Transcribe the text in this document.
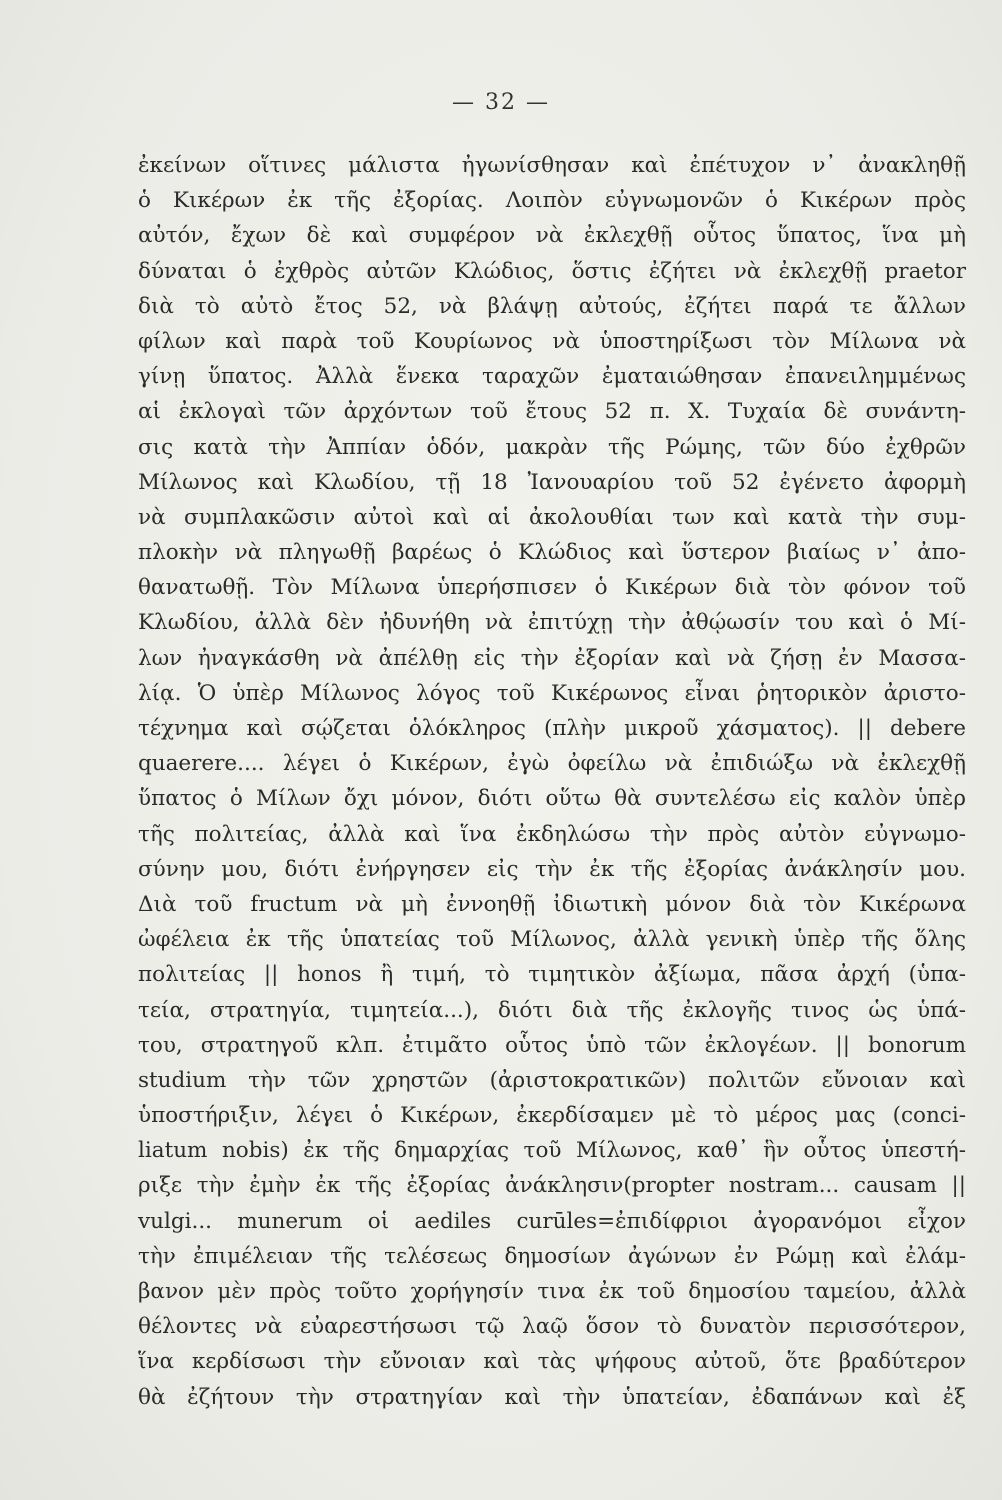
— 32 —
ἐκείνων οἵτινες μάλιστα ἠγωνίσθησαν καὶ ἐπέτυχον ν᾽ ἀνακληθῇ
ὁ Κικέρων ἐκ τῆς ἐξορίας. Λοιπὸν εὐγνωμονῶν ὁ Κικέρων πρὸς
αὐτόν, ἔχων δὲ καὶ συμφέρον νὰ ἐκλεχθῇ οὗτος ὕπατος, ἵνα μὴ
δύναται ὁ ἐχθρὸς αὐτῶν Κλώδιος, ὅστις ἐζήτει νὰ ἐκλεχθῇ praetor
διὰ τὸ αὐτὸ ἔτος 52, νὰ βλάψῃ αὐτούς, ἐζήτει παρά τε ἄλλων
φίλων καὶ παρὰ τοῦ Κουρίωνος νὰ ὑποστηρίξωσι τὸν Μίλωνα νὰ
γίνῃ ὕπατος. Ἀλλὰ ἕνεκα ταραχῶν ἐματαιώθησαν ἐπανειλημμένως
αἱ ἐκλογαὶ τῶν ἀρχόντων τοῦ ἔτους 52 π. Χ. Τυχαία δὲ συνάντη-
σις κατὰ τὴν Ἀππίαν ὁδόν, μακρὰν τῆς Ρώμης, τῶν δύο ἐχθρῶν
Μίλωνος καὶ Κλωδίου, τῇ 18 Ἰανουαρίου τοῦ 52 ἐγένετο ἀφορμὴ
νὰ συμπλακῶσιν αὐτοὶ καὶ αἱ ἀκολουθίαι των καὶ κατὰ τὴν συμ-
πλοκὴν νὰ πληγωθῇ βαρέως ὁ Κλώδιος καὶ ὕστερον βιαίως ν᾽ ἀπο-
θανατωθῇ. Τὸν Μίλωνα ὑπερήσπισεν ὁ Κικέρων διὰ τὸν φόνον τοῦ
Κλωδίου, ἀλλὰ δὲν ἠδυνήθη νὰ ἐπιτύχῃ τὴν ἀθῴωσίν του καὶ ὁ Μί-
λων ἠναγκάσθη νὰ ἀπέλθῃ εἰς τὴν ἐξορίαν καὶ νὰ ζήσῃ ἐν Μασσα-
λίᾳ. Ὁ ὑπὲρ Μίλωνος λόγος τοῦ Κικέρωνος εἶναι ῥητορικὸν ἀριστο-
τέχνημα καὶ σῴζεται ὁλόκληρος (πλὴν μικροῦ χάσματος). || debere
quaerere.... λέγει ὁ Κικέρων, ἐγὼ ὀφείλω νὰ ἐπιδιώξω νὰ ἐκλεχθῇ
ὕπατος ὁ Μίλων ὄχι μόνον, διότι οὕτω θὰ συντελέσω εἰς καλὸν ὑπὲρ
τῆς πολιτείας, ἀλλὰ καὶ ἵνα ἐκδηλώσω τὴν πρὸς αὐτὸν εὐγνωμο-
σύνην μου, διότι ἐνήργησεν εἰς τὴν ἐκ τῆς ἐξορίας ἀνάκλησίν μου.
Διὰ τοῦ fructum νὰ μὴ ἐννοηθῇ ἰδιωτικὴ μόνον διὰ τὸν Κικέρωνα
ὠφέλεια ἐκ τῆς ὑπατείας τοῦ Μίλωνος, ἀλλὰ γενικὴ ὑπὲρ τῆς ὅλης
πολιτείας || honos ἢ τιμή, τὸ τιμητικὸν ἀξίωμα, πᾶσα ἀρχή (ὑπα-
τεία, στρατηγία, τιμητεία...), διότι διὰ τῆς ἐκλογῆς τινος ὡς ὑπά-
του, στρατηγοῦ κλπ. ἐτιμᾶτο οὗτος ὑπὸ τῶν ἐκλογέων. || bonorum
studium τὴν τῶν χρηστῶν (ἀριστοκρατικῶν) πολιτῶν εὔνοιαν καὶ
ὑποστήριξιν, λέγει ὁ Κικέρων, ἐκερδίσαμεν μὲ τὸ μέρος μας (conci-
liatum nobis) ἐκ τῆς δημαρχίας τοῦ Μίλωνος, καθ᾽ ἣν οὗτος ὑπεστή-
ριξε τὴν ἐμὴν ἐκ τῆς ἐξορίας ἀνάκλησιν(propter nostram... causam ||
vulgi... munerum οἱ aediles curūles=ἐπιδίφριοι ἀγορανόμοι εἶχον
τὴν ἐπιμέλειαν τῆς τελέσεως δημοσίων ἀγώνων ἐν Ρώμῃ καὶ ἐλάμ-
βανον μὲν πρὸς τοῦτο χορήγησίν τινα ἐκ τοῦ δημοσίου ταμείου, ἀλλὰ
θέλοντες νὰ εὐαρεστήσωσι τῷ λαῷ ὅσον τὸ δυνατὸν περισσότερον,
ἵνα κερδίσωσι τὴν εὔνοιαν καὶ τὰς ψήφους αὐτοῦ, ὅτε βραδύτερον
θὰ ἐζήτουν τὴν στρατηγίαν καὶ τὴν ὑπατείαν, ἐδαπάνων καὶ ἐξ
